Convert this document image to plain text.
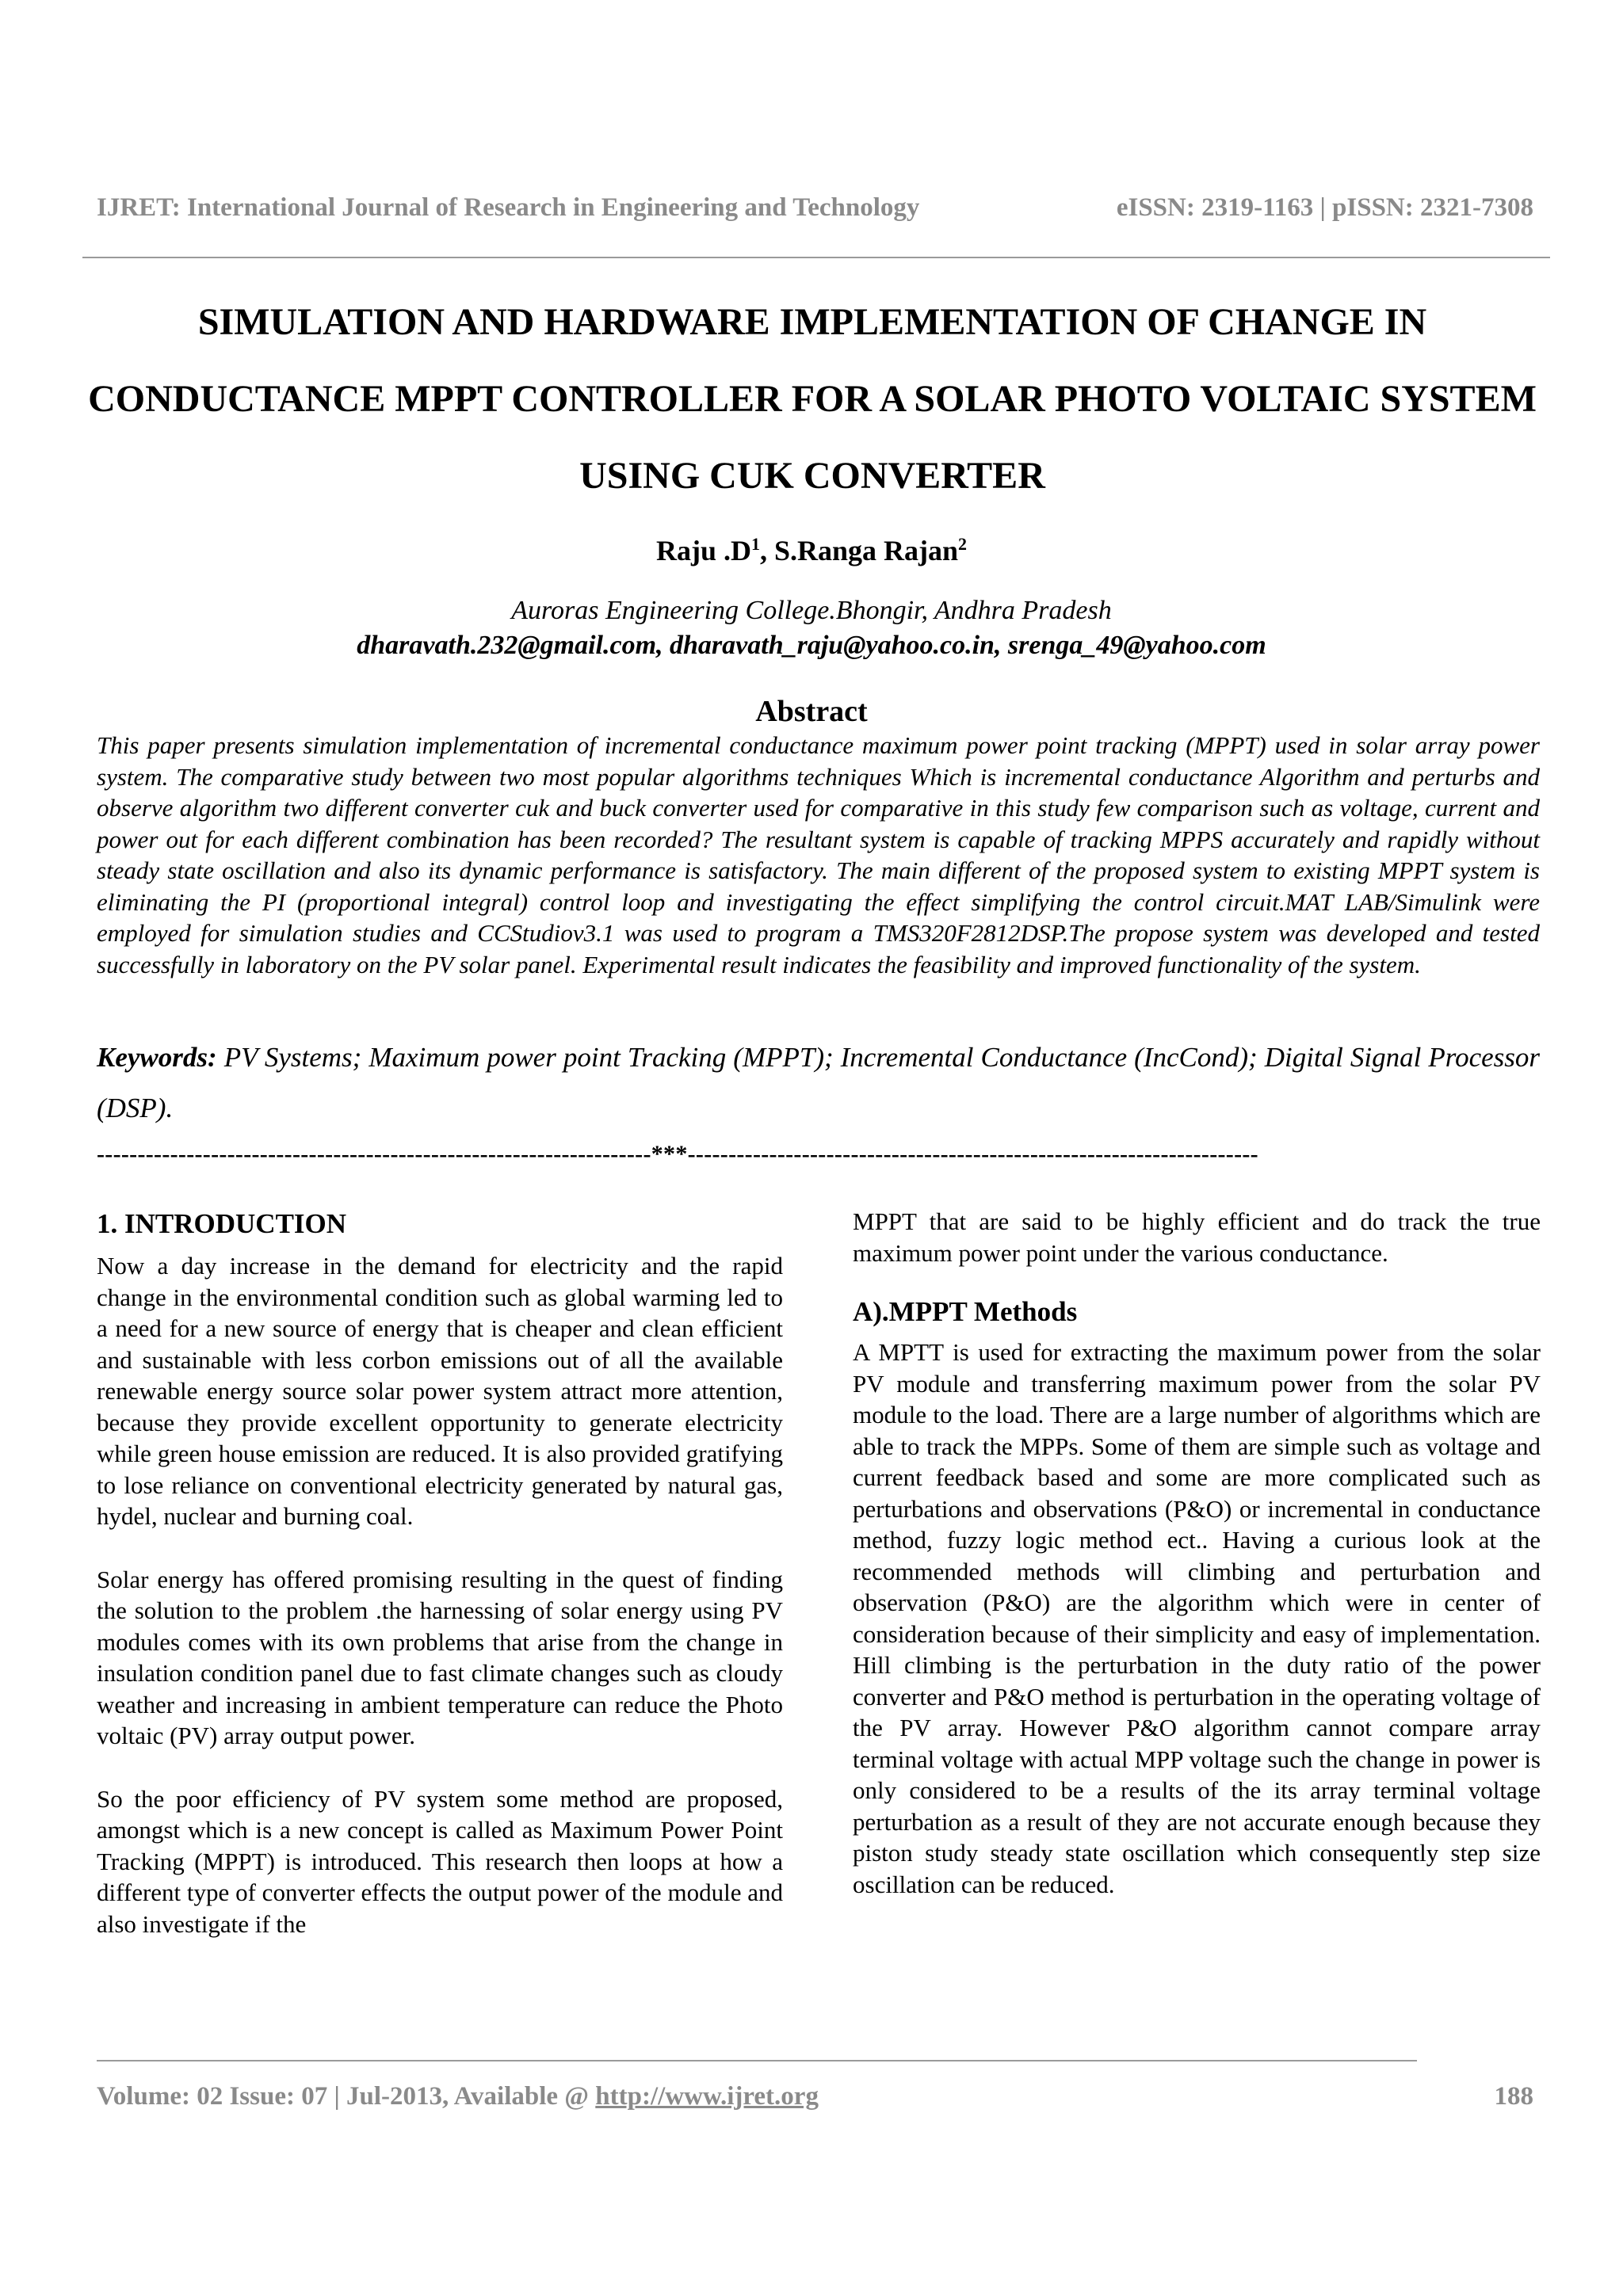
IJRET: International Journal of Research in Engineering and Technology	eISSN: 2319-1163 | pISSN: 2321-7308
SIMULATION AND HARDWARE IMPLEMENTATION OF CHANGE IN CONDUCTANCE MPPT CONTROLLER FOR A SOLAR PHOTO VOLTAIC SYSTEM USING CUK CONVERTER
Raju $.D^1$, S.Ranga Rajan$^2$
Auroras Engineering College.Bhongir, Andhra Pradesh
dharavath.232@gmail.com, dharavath_raju@yahoo.co.in, srenga_49@yahoo.com
Abstract

This paper presents simulation implementation of incremental conductance maximum power point tracking (MPPT) used in solar array power system. The comparative study between two most popular algorithms techniques Which is incremental conductance Algorithm and perturbs and observe algorithm two different converter cuk and buck converter used for comparative in this study few comparison such as voltage, current and power out for each different combination has been recorded? The resultant system is capable of tracking MPPS accurately and rapidly without steady state oscillation and also its dynamic performance is satisfactory. The main different of the proposed system to existing MPPT system is eliminating the PI (proportional integral) control loop and investigating the effect simplifying the control circuit.MAT LAB/Simulink were employed for simulation studies and CCStudiov3.1 was used to program a TMS320F2812DSP.The propose system was developed and tested successfully in laboratory on the PV solar panel. Experimental result indicates the feasibility and improved functionality of the system.

Keywords: PV Systems; Maximum power point Tracking (MPPT); Incremental Conductance (IncCond); Digital Signal Processor (DSP).

--------------------------------------------------------------------***----------------------------------------------------------------------
1. INTRODUCTION

Now a day increase in the demand for electricity and the rapid change in the environmental condition such as global warming led to a need for a new source of energy that is cheaper and clean efficient and sustainable with less corbon emissions out of all the available renewable energy source solar power system attract more attention, because they provide excellent opportunity to generate electricity while green house emission are reduced. It is also provided gratifying to lose reliance on conventional electricity generated by natural gas, hydel, nuclear and burning coal.

Solar energy has offered promising resulting in the quest of finding the solution to the problem .the harnessing of solar energy using PV modules comes with its own problems that arise from the change in insulation condition panel due to fast climate changes such as cloudy weather and increasing in ambient temperature can reduce the Photo voltaic (PV) array output power.

So the poor efficiency of PV system some method are proposed, amongst which is a new concept is called as Maximum Power Point Tracking (MPPT) is introduced. This research then loops at how a different type of converter effects the output power of the module and also investigate if the

MPPT that are said to be highly efficient and do track the true maximum power point under the various conductance.

A).MPPT Methods

A MPTT is used for extracting the maximum power from the solar PV module and transferring maximum power from the solar PV module to the load. There are a large number of algorithms which are able to track the MPPs. Some of them are simple such as voltage and current feedback based and some are more complicated such as perturbations and observations (P&O) or incremental in conductance method, fuzzy logic method ect.. Having a curious look at the recommended methods will climbing and perturbation and observation (P&O) are the algorithm which were in center of consideration because of their simplicity and easy of implementation. Hill climbing is the perturbation in the duty ratio of the power converter and P&O method is perturbation in the operating voltage of the PV array. However P&O algorithm cannot compare array terminal voltage with actual MPP voltage such the change in power is only considered to be a results of the its array terminal voltage perturbation as a result of they are not accurate enough because they piston study steady state oscillation which consequently step size oscillation can be reduced.

Volume: 02 Issue: 07 | Jul-2013, Available @ http://www.ijret.org	188
